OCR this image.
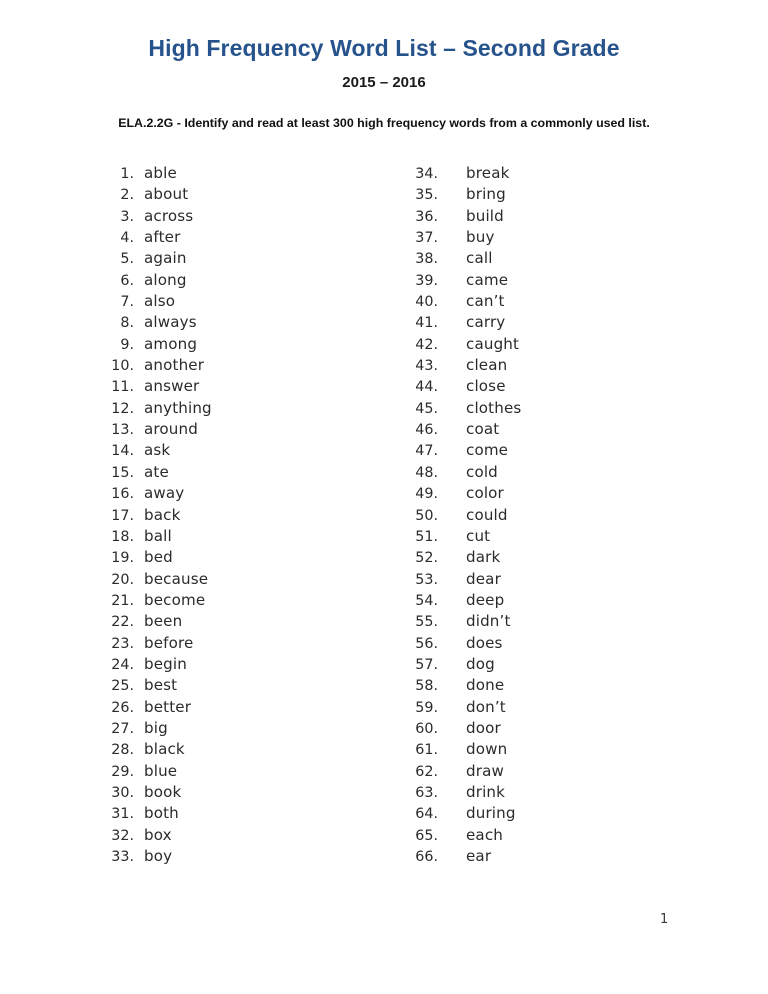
High Frequency Word List – Second Grade
2015 – 2016
ELA.2.2G - Identify and read at least 300 high frequency words from a commonly used list.
1. able
2. about
3. across
4. after
5. again
6. along
7. also
8. always
9. among
10. another
11. answer
12. anything
13. around
14. ask
15. ate
16. away
17. back
18. ball
19. bed
20. because
21. become
22. been
23. before
24. begin
25. best
26. better
27. big
28. black
29. blue
30. book
31. both
32. box
33. boy
34. break
35. bring
36. build
37. buy
38. call
39. came
40. can’t
41. carry
42. caught
43. clean
44. close
45. clothes
46. coat
47. come
48. cold
49. color
50. could
51. cut
52. dark
53. dear
54. deep
55. didn’t
56. does
57. dog
58. done
59. don’t
60. door
61. down
62. draw
63. drink
64. during
65. each
66. ear
1
